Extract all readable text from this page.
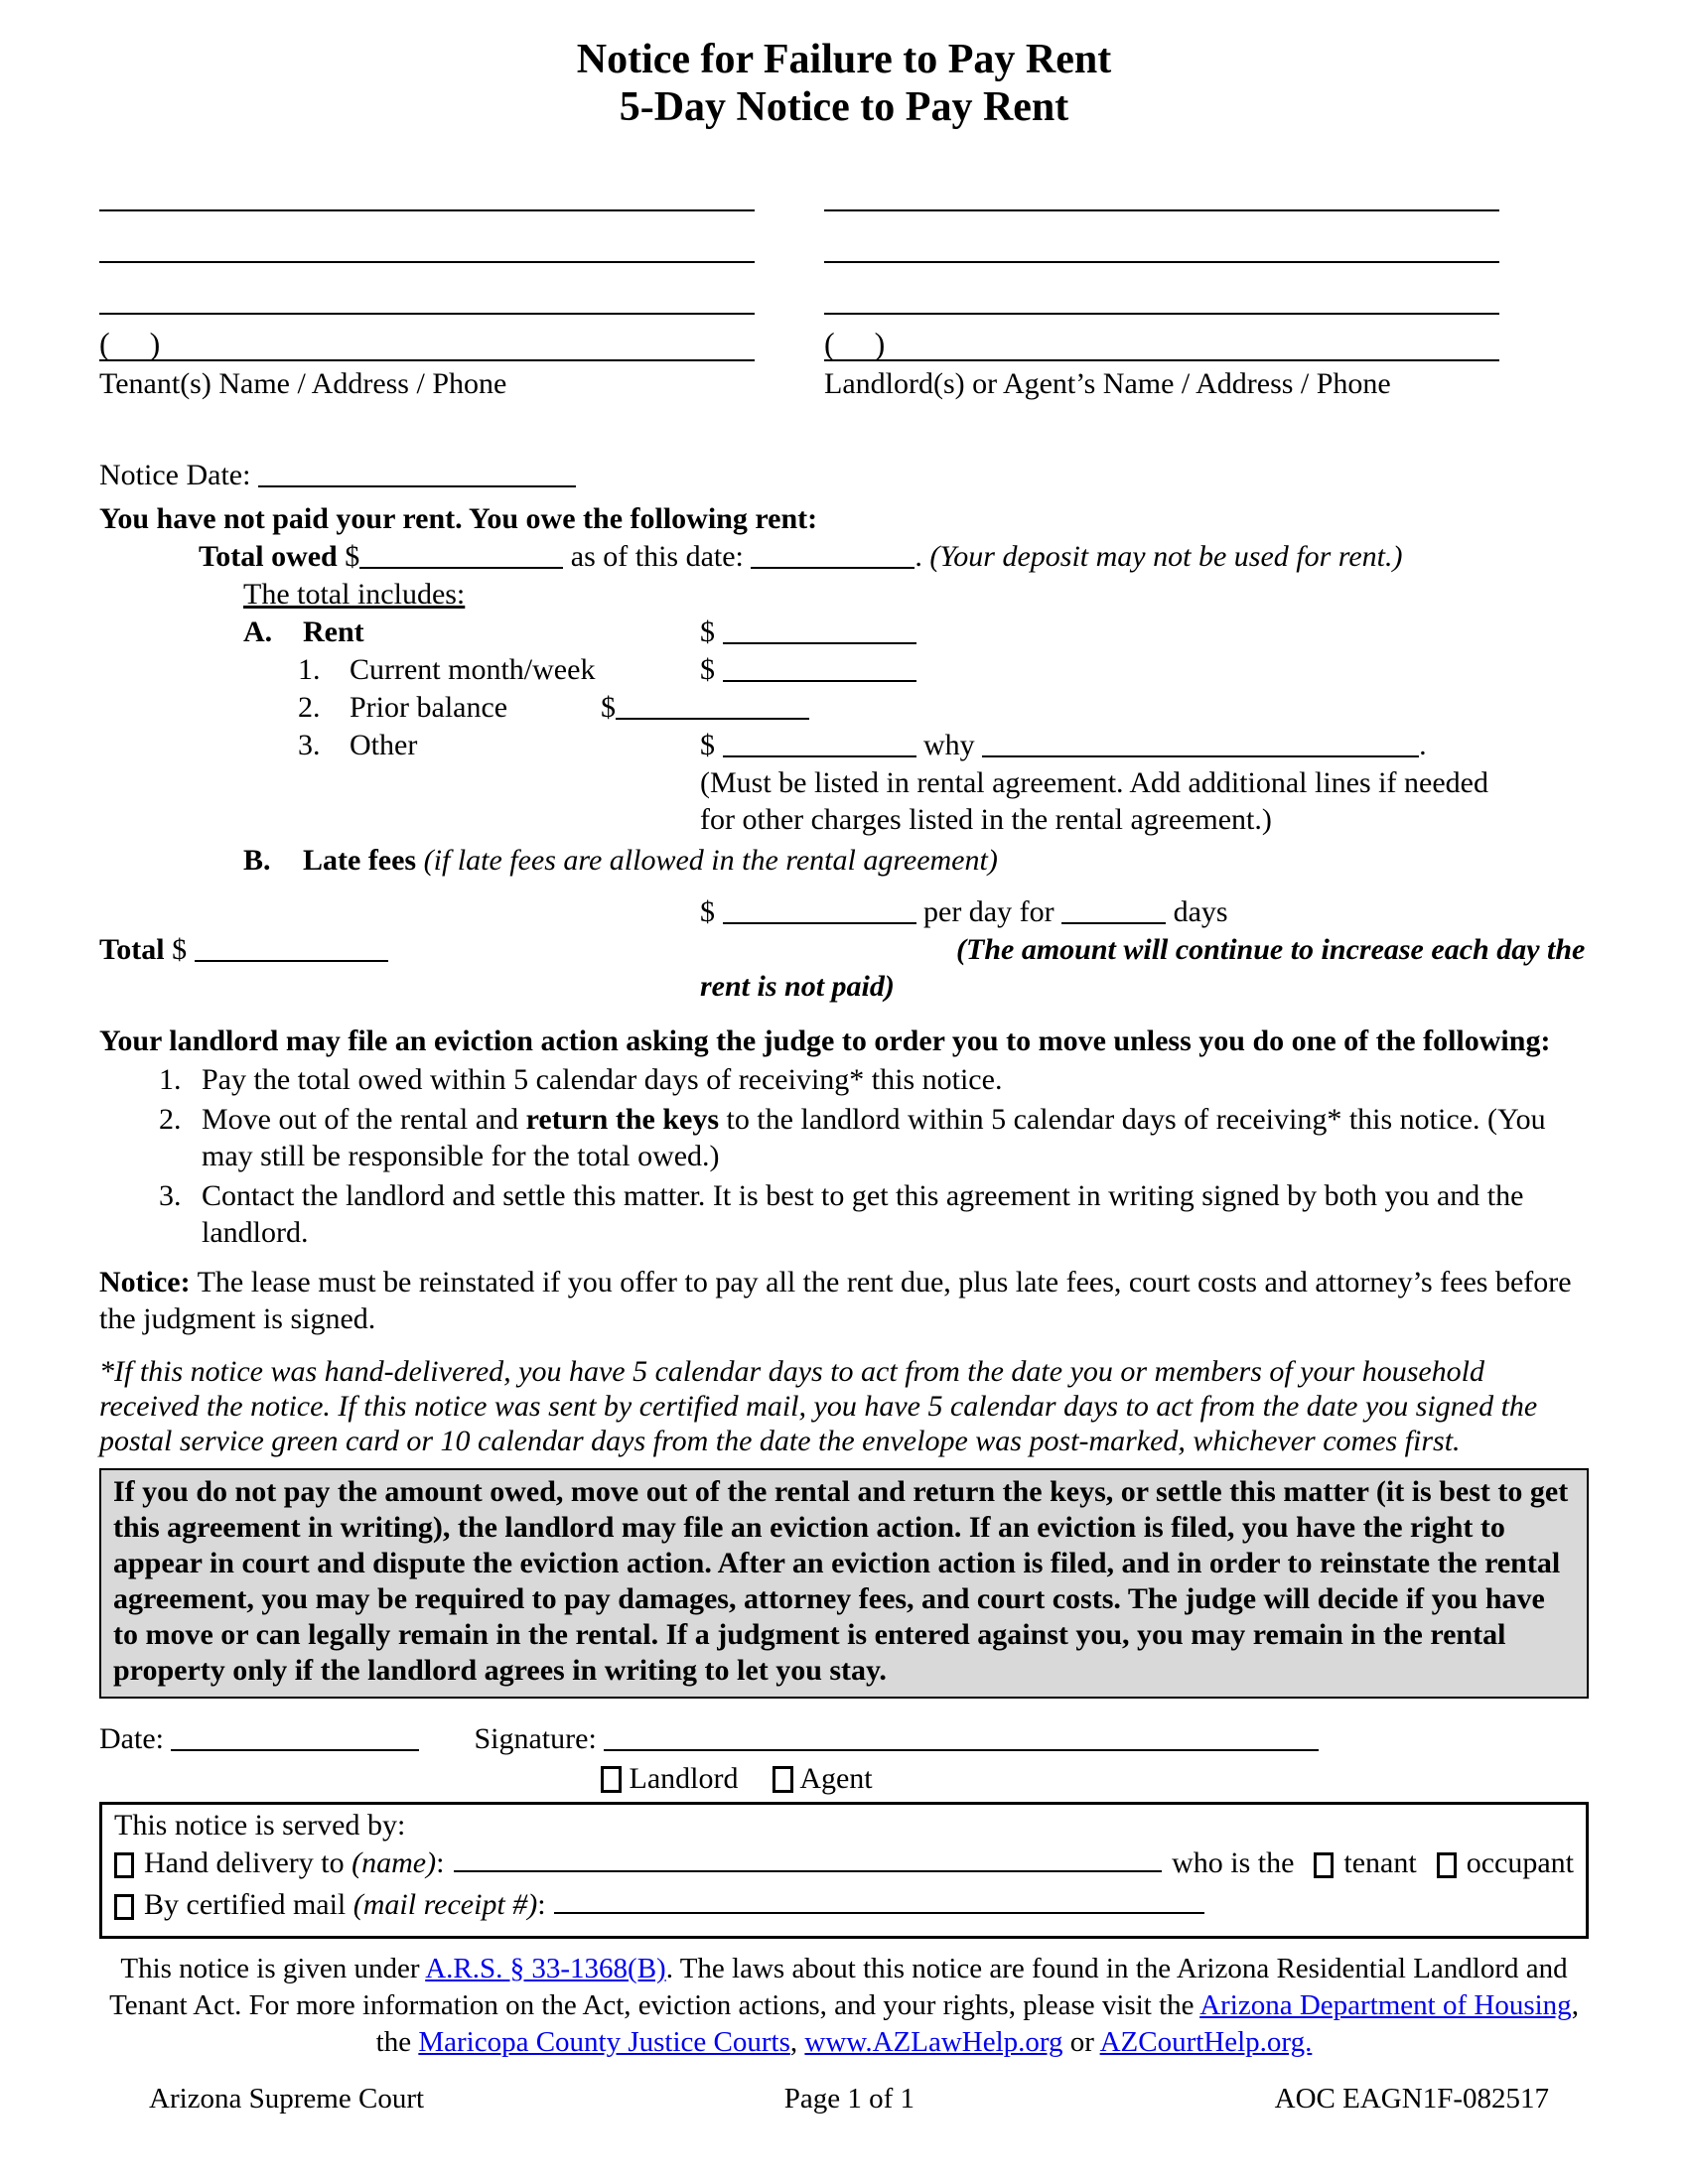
Notice for Failure to Pay Rent
5-Day Notice to Pay Rent
(     )
Tenant(s) Name / Address / Phone
(     )
Landlord(s) or Agent’s Name / Address / Phone
Notice Date:
You have not paid your rent. You owe the following rent:
Total owed $	as of this date:	. (Your deposit may not be used for rent.)
The total includes:
A. Rent	$
1. Current month/week	$
2. Prior balance	$
3. Other	$	why	.
(Must be listed in rental agreement. Add additional lines if needed for other charges listed in the rental agreement.)
B. Late fees (if late fees are allowed in the rental agreement)
$	per day for	days
Total $	(The amount will continue to increase each day the rent is not paid)
Your landlord may file an eviction action asking the judge to order you to move unless you do one of the following:
1. Pay the total owed within 5 calendar days of receiving* this notice.
2. Move out of the rental and return the keys to the landlord within 5 calendar days of receiving* this notice. (You may still be responsible for the total owed.)
3. Contact the landlord and settle this matter. It is best to get this agreement in writing signed by both you and the landlord.
Notice: The lease must be reinstated if you offer to pay all the rent due, plus late fees, court costs and attorney’s fees before the judgment is signed.
*If this notice was hand-delivered, you have 5 calendar days to act from the date you or members of your household received the notice. If this notice was sent by certified mail, you have 5 calendar days to act from the date you signed the postal service green card or 10 calendar days from the date the envelope was post-marked, whichever comes first.
If you do not pay the amount owed, move out of the rental and return the keys, or settle this matter (it is best to get this agreement in writing), the landlord may file an eviction action. If an eviction is filed, you have the right to appear in court and dispute the eviction action. After an eviction action is filed, and in order to reinstate the rental agreement, you may be required to pay damages, attorney fees, and court costs. The judge will decide if you have to move or can legally remain in the rental. If a judgment is entered against you, you may remain in the rental property only if the landlord agrees in writing to let you stay.
Date:	Signature:
Landlord Agent
This notice is served by:
Hand delivery to (name):	who is the tenant occupant
By certified mail (mail receipt #):
This notice is given under A.R.S. § 33-1368(B). The laws about this notice are found in the Arizona Residential Landlord and Tenant Act. For more information on the Act, eviction actions, and your rights, please visit the Arizona Department of Housing, the Maricopa County Justice Courts, www.AZLawHelp.org or AZCourtHelp.org.
Arizona Supreme Court	Page 1 of 1	AOC EAGN1F-082517
